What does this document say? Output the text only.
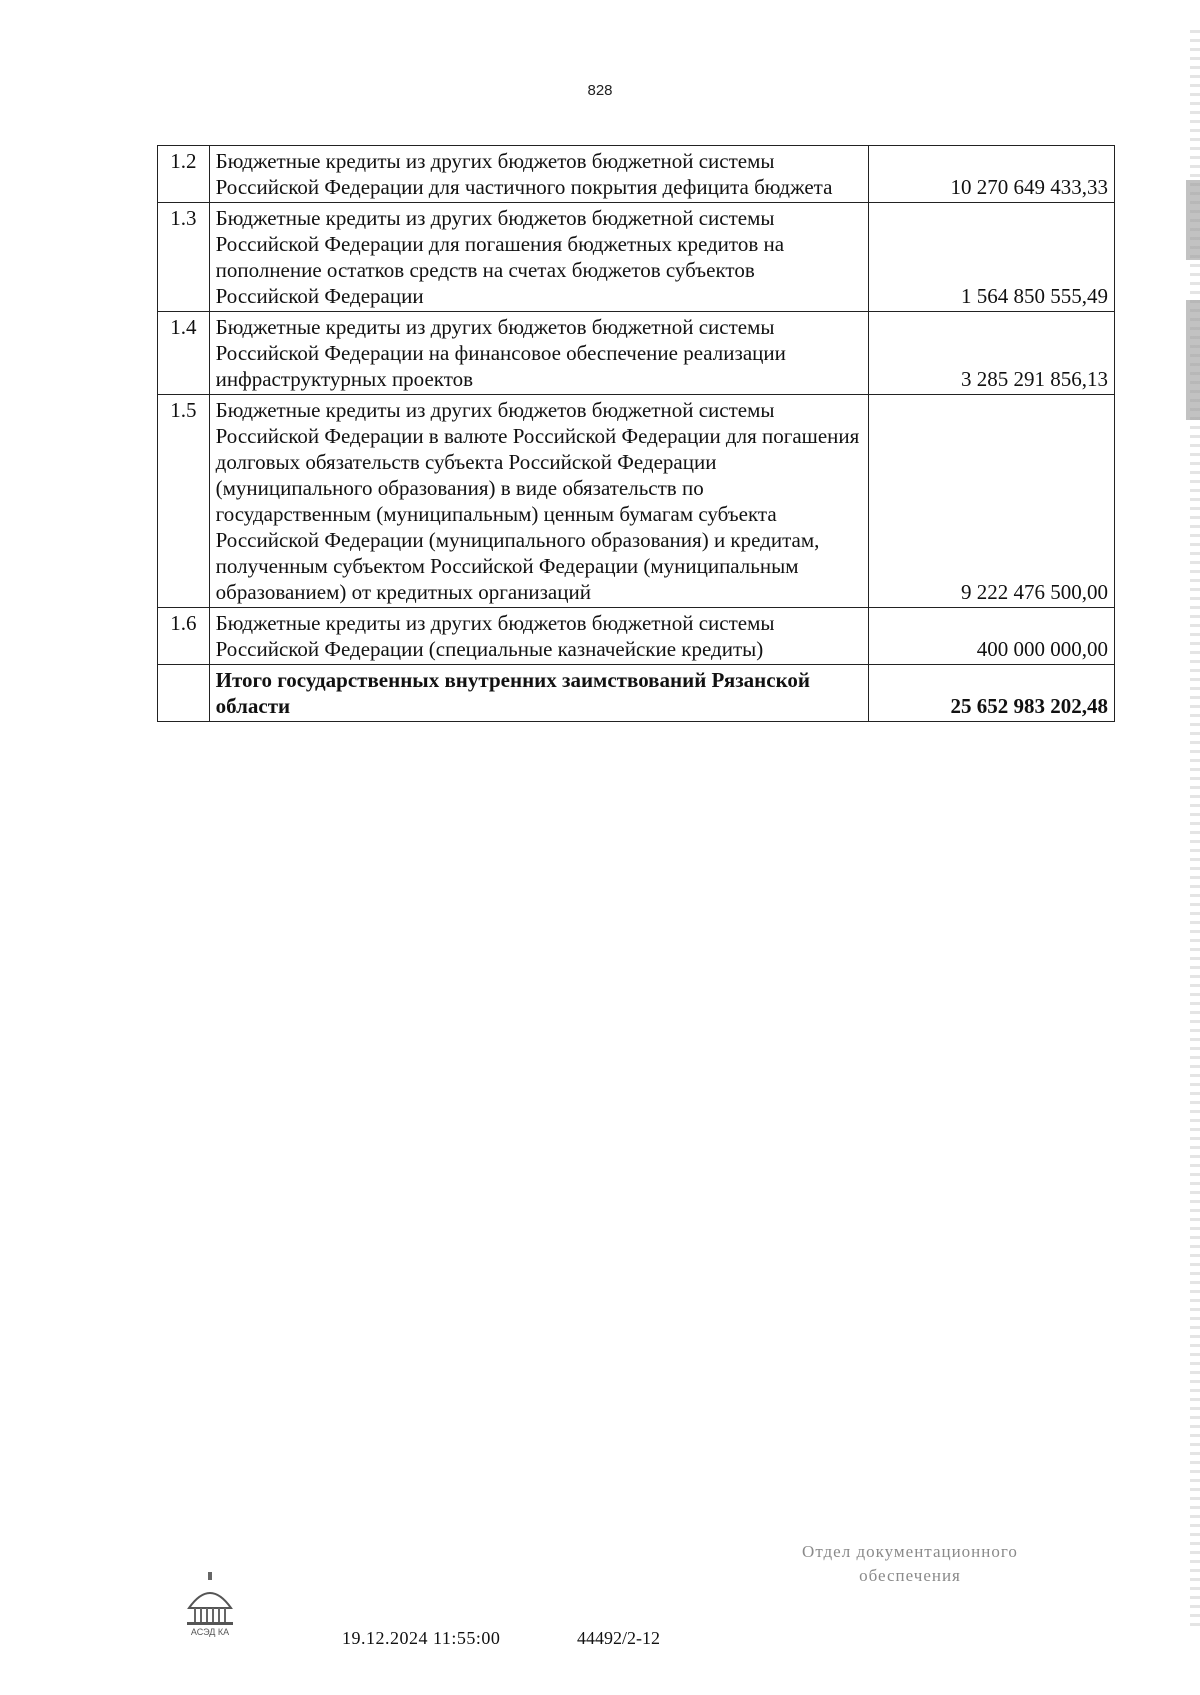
828
1.2	Бюджетные кредиты из других бюджетов бюджетной системы Российской Федерации для частичного покрытия дефицита бюджета	10 270 649 433,33
1.3	Бюджетные кредиты из других бюджетов бюджетной системы Российской Федерации для погашения бюджетных кредитов на пополнение остатков средств на счетах бюджетов субъектов Российской Федерации	1 564 850 555,49
1.4	Бюджетные кредиты из других бюджетов бюджетной системы Российской Федерации на финансовое обеспечение реализации инфраструктурных проектов	3 285 291 856,13
1.5	Бюджетные кредиты из других бюджетов бюджетной системы Российской Федерации в валюте Российской Федерации для погашения долговых обязательств субъекта Российской Федерации (муниципального образования) в виде обязательств по государственным (муниципальным) ценным бумагам субъекта Российской Федерации (муниципального образования) и кредитам, полученным субъектом Российской Федерации (муниципальным образованием) от кредитных организаций	9 222 476 500,00
1.6	Бюджетные кредиты из других бюджетов бюджетной системы Российской Федерации (специальные казначейские кредиты)	400 000 000,00
	Итого государственных внутренних заимствований Рязанской области	25 652 983 202,48
АСЭД КА	19.12.2024 11:55:00	44492/2-12
Отдел документационного
обеспечения
